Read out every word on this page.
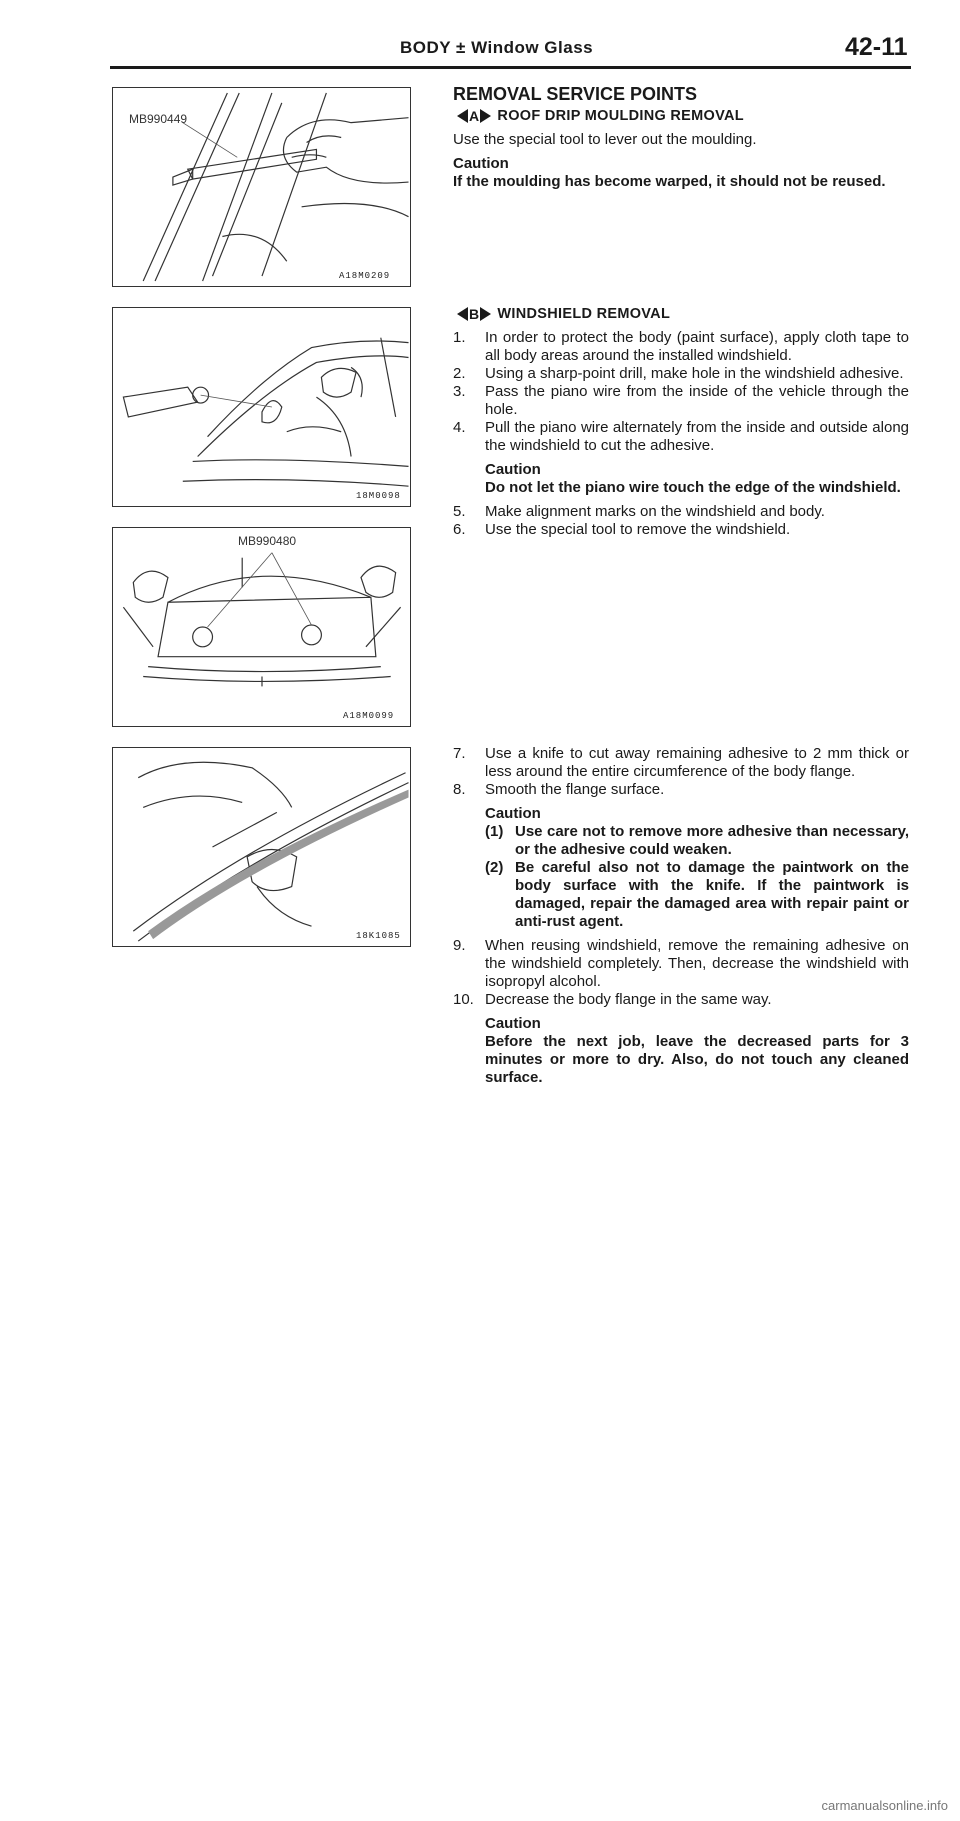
BODY ± Window Glass	42-11
MB990449
A18M0209
18M0098
MB990480
A18M0099
18K1085

REMOVAL SERVICE POINTS

A ROOF DRIP MOULDING REMOVAL

Use the special tool to lever out the moulding.

Caution

If the moulding has become warped, it should not be reused.

B WINDSHIELD REMOVAL
1.	In order to protect the body (paint surface), apply cloth tape to all body areas around the installed windshield.
2.	Using a sharp-point drill, make hole in the windshield adhesive.
3.	Pass the piano wire from the inside of the vehicle through the hole.
4.	Pull the piano wire alternately from the inside and outside along the windshield to cut the adhesive.

Caution

Do not let the piano wire touch the edge of the windshield.

5.	Make alignment marks on the windshield and body.
6.	Use the special tool to remove the windshield.
7.	Use a knife to cut away remaining adhesive to 2 mm thick or less around the entire circumference of the body flange.
8.	Smooth the flange surface.

Caution

(1) Use care not to remove more adhesive than necessary, or the adhesive could weaken.
(2) Be careful also not to damage the paintwork on the body surface with the knife. If the paintwork is damaged, repair the damaged area with repair paint or anti-rust agent.
9.	When reusing windshield, remove the remaining adhesive on the windshield completely. Then, decrease the windshield with isopropyl alcohol.
10. Decrease the body flange in the same way.

Caution

Before the next job, leave the decreased parts for 3 minutes or more to dry. Also, do not touch any cleaned surface.

carmanualsonline.info
